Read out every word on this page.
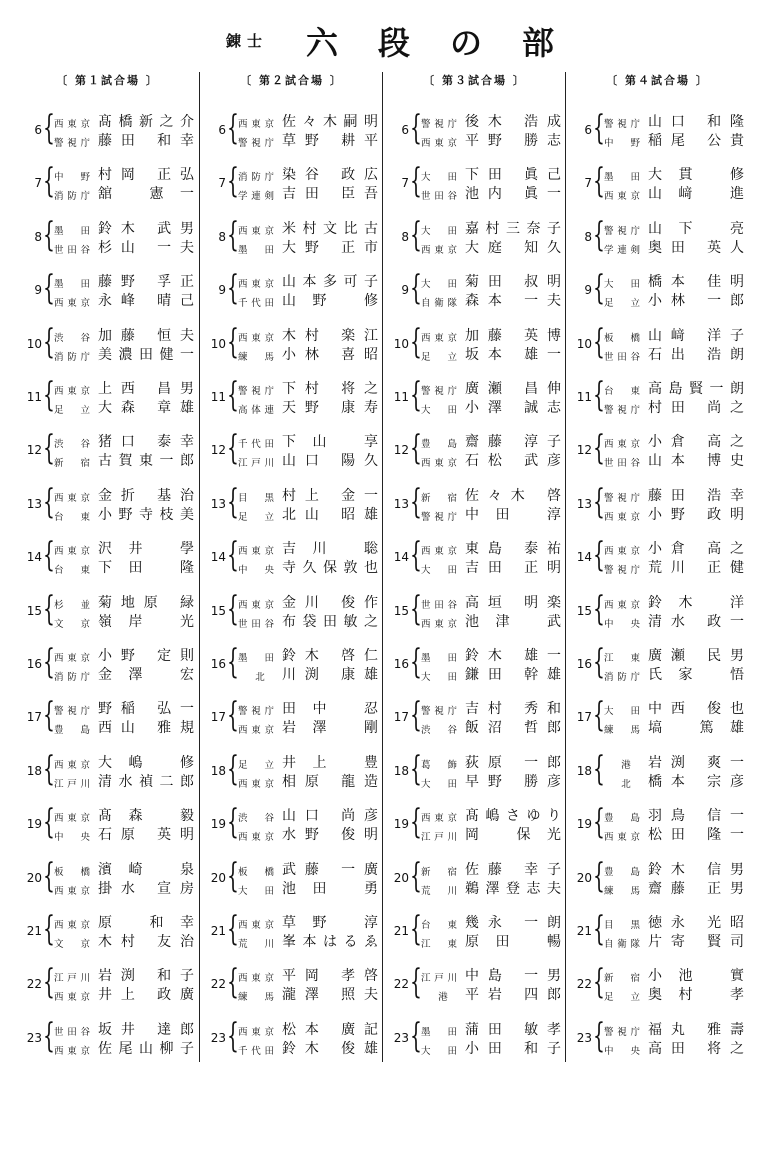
錬士 六段の部
〔 第１試合場 〕
6 { 西東京 髙橋新之介
警視庁 藤田 和幸
7 { 中 野 村岡 正弘
消防庁 舘 憲一
8 { 墨 田 鈴木 武男
世田谷 杉山 一夫
9 { 墨 田 藤野 孚正
西東京 永峰 晴己
10 { 渋 谷 加藤 恒夫
消防庁 美濃田健一
11 { 西東京 上西 昌男
足 立 大森 章雄
12 { 渋 谷 猪口 泰幸
新 宿 古賀東一郎
13 { 西東京 金折 基治
台 東 小野寺枝美
14 { 西東京 沢井 學
台 東 下田 隆
15 { 杉 並 菊地原 緑
文 京 嶺岸 光
16 { 西東京 小野 定則
消防庁 金澤 宏
17 { 警視庁 野稲 弘一
豊 島 西山 雅規
18 { 西東京 大嶋 修
江戸川 清水禎二郎
19 { 西東京 髙森 毅
中 央 石原 英明
20 { 板 橋 濱崎 泉
西東京 掛水 宣房
21 { 西東京 原 和幸
文 京 木村 友治
22 { 江戸川 岩渕 和子
西東京 井上 政廣
23 { 世田谷 坂井 達郎
西東京 佐尾山柳子
〔 第２試合場 〕
6 { 西東京 佐々木嗣明
警視庁 草野 耕平
7 { 消防庁 染谷 政広
学連剣 吉田 臣吾
8 { 西東京 米村文比古
墨 田 大野 正市
9 { 西東京 山本多可子
千代田 山野 修
10 { 西東京 木村 楽江
練 馬 小林 喜昭
11 { 警視庁 下村 将之
高体連 天野 康寿
12 { 千代田 下山 享
江戸川 山口 陽久
13 { 目 黒 村上 金一
足 立 北山 昭雄
14 { 西東京 吉川 聡
中 央 寺久保敦也
15 { 西東京 金川 俊作
世田谷 布袋田敏之
16 { 墨 田 鈴木 啓仁
北	川渕 康雄
17 { 警視庁 田中 忍
西東京 岩澤 剛
18 { 足 立 井上 豊
西東京 相原 龍造
19 { 渋 谷 山口 尚彦
西東京 水野 俊明
20 { 板 橋 武藤 一廣
大 田 池田 勇
21 { 西東京 草野 淳
荒 川 峯本はるゑ
22 { 西東京 平岡 孝啓
練 馬 瀧澤 照夫
23 { 西東京 松本 廣記
千代田 鈴木 俊雄
〔 第３試合場 〕
6 { 警視庁 後木 浩成
西東京 平野 勝志
7 { 大 田 下田 眞己
世田谷 池内 眞一
8 { 大 田 嘉村三奈子
西東京 大庭 知久
9 { 大 田 菊田 叔明
自衛隊 森本 一夫
10 { 西東京 加藤 英博
足 立 坂本 雄一
11 { 警視庁 廣瀬 昌伸
大 田 小澤 誠志
12 { 豊 島 齋藤 淳子
西東京 石松 武彦
13 { 新 宿 佐々木 啓
警視庁 中田 淳
14 { 西東京 東島 泰祐
大 田 吉田 正明
15 { 世田谷 高垣 明楽
西東京 池津 武
16 { 墨 田 鈴木 雄一
大 田 鎌田 幹雄
17 { 警視庁 吉村 秀和
渋 谷 飯沼 哲郎
18 { 葛 飾 荻原 一郎
大 田 早野 勝彦
19 { 西東京 髙嶋さゆり
江戸川 岡 保光
20 { 新 宿 佐藤 幸子
荒 川 鵜澤登志夫
21 { 台 東 幾永 一朗
江 東 原田 暢
22 { 江戸川 中島 一男
港	平岩 四郎
23 { 墨 田 蒲田 敏孝
大 田 小田 和子
〔 第４試合場 〕
6 { 警視庁 山口 和隆
中 野 稲尾 公貴
7 { 墨 田 大貫 修
西東京 山﨑 進
8 { 警視庁 山下 亮
学連剣 奥田 英人
9 { 大 田 橋本 佳明
足 立 小林 一郎
10 { 板 橋 山﨑 洋子
世田谷 石出 浩朗
11 { 台 東 高島賢一朗
警視庁 村田 尚之
12 { 西東京 小倉 高之
世田谷 山本 博史
13 { 警視庁 藤田 浩幸
西東京 小野 政明
14 { 西東京 小倉 高之
警視庁 荒川 正健
15 { 西東京 鈴木 洋
中 央 清水 政一
16 { 江 東 廣瀬 民男
消防庁 氏家 悟
17 { 大 田 中西 俊也
練 馬 塙 篤雄
18 {	港	岩渕 爽一
北	橋本 宗彦
19 { 豊 島 羽鳥 信一
西東京 松田 隆一
20 { 豊 島 鈴木 信男
練 馬 齋藤 正男
21 { 目 黒 徳永 光昭
自衛隊 片寄 賢司
22 { 新 宿 小池 實
足 立 奥村 孝
23 { 警視庁 福丸 雅壽
中 央 高田 将之
